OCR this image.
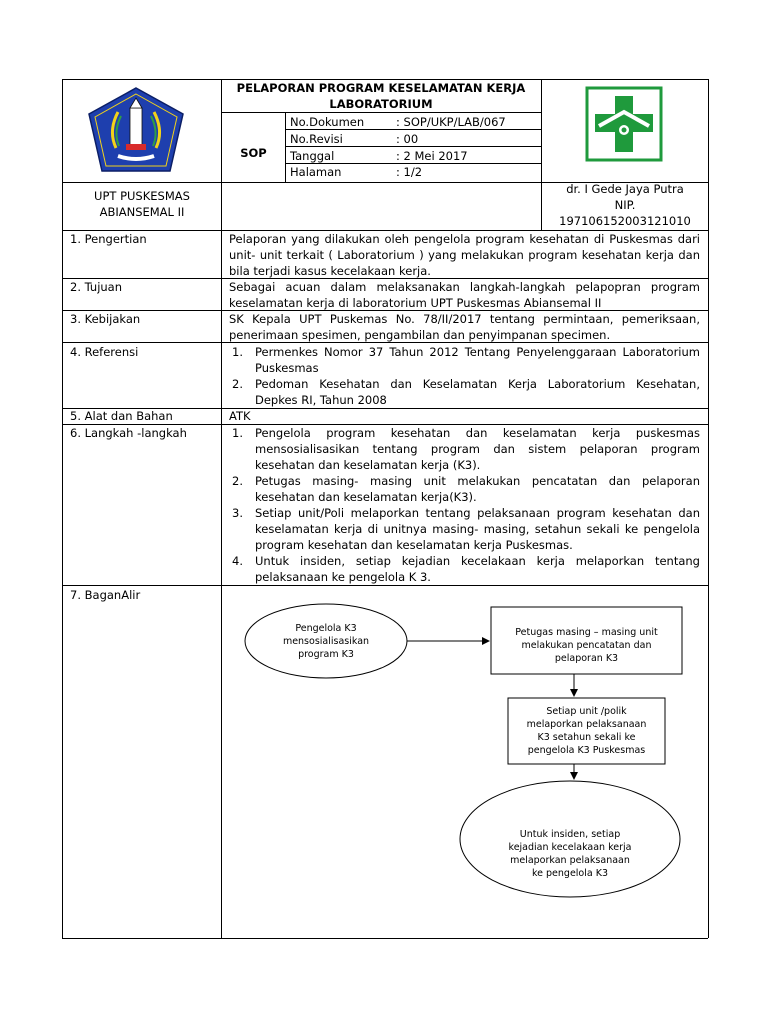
PELAPORAN PROGRAM KESELAMATAN KERJA
LABORATORIUM
SOP
No.Dokumen	: SOP/UKP/LAB/067
No.Revisi	: 00
Tanggal	: 2 Mei 2017
Halaman	: 1/2
UPT PUSKESMAS
ABIANSEMAL II
dr. I Gede Jaya Putra
NIP.
197106152003121010
1. Pengertian	Pelaporan yang dilakukan oleh pengelola program kesehatan di Puskesmas dari unit- unit terkait ( Laboratorium ) yang melakukan program kesehatan kerja dan bila terjadi kasus kecelakaan kerja.
2. Tujuan	Sebagai acuan dalam melaksanakan langkah-langkah pelapopran program keselamatan kerja di laboratorium UPT Puskesmas Abiansemal II
3. Kebijakan	SK Kepala UPT Puskemas No. 78/II/2017 tentang permintaan, pemeriksaan, penerimaan spesimen, pengambilan dan penyimpanan specimen.
4. Referensi	1. Permenkes Nomor 37 Tahun 2012 Tentang Penyelenggaraan Laboratorium Puskesmas
2. Pedoman Kesehatan dan Keselamatan Kerja Laboratorium Kesehatan, Depkes RI, Tahun 2008
5. Alat dan Bahan	ATK
6. Langkah -langkah	1. Pengelola program kesehatan dan keselamatan kerja puskesmas mensosialisasikan tentang program dan sistem pelaporan program kesehatan dan keselamatan kerja (K3).
2. Petugas masing- masing unit melakukan pencatatan dan pelaporan kesehatan dan keselamatan kerja(K3).
3. Setiap unit/Poli melaporkan tentang pelaksanaan program kesehatan dan keselamatan kerja di unitnya masing- masing, setahun sekali ke pengelola program kesehatan dan keselamatan kerja Puskesmas.
4. Untuk insiden, setiap kejadian kecelakaan kerja melaporkan tentang pelaksanaan ke pengelola K 3.
7. BaganAlir
Pengelola K3
mensosialisasikan
program K3
Petugas masing – masing unit
melakukan pencatatan dan
pelaporan K3
Setiap unit /polik
melaporkan pelaksanaan
K3 setahun sekali ke
pengelola K3 Puskesmas
Untuk insiden, setiap
kejadian kecelakaan kerja
melaporkan pelaksanaan
ke pengelola K3
